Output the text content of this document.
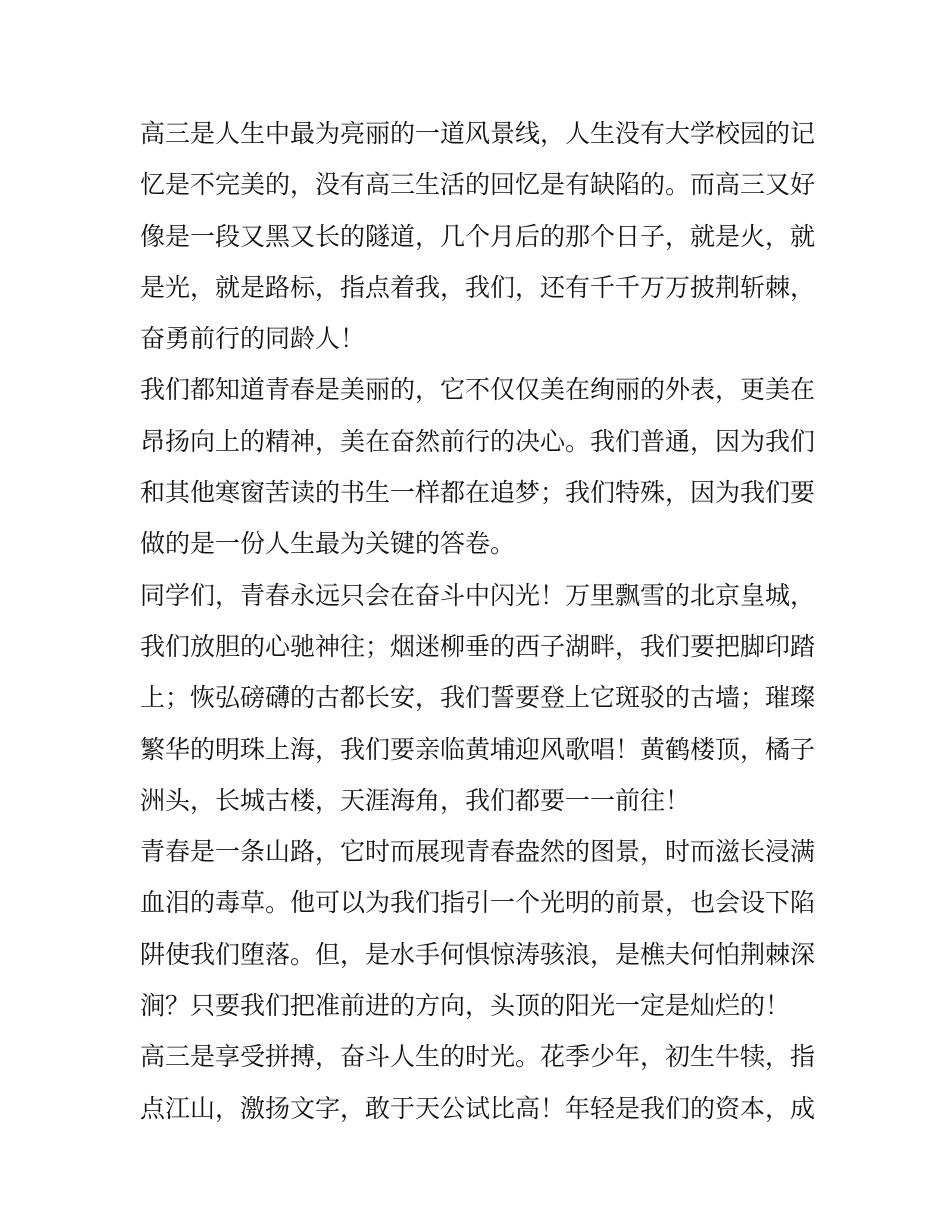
高三是人生中最为亮丽的一道风景线，人生没有大学校园的记
忆是不完美的，没有高三生活的回忆是有缺陷的。而高三又好
像是一段又黑又长的隧道，几个月后的那个日子，就是火，就
是光，就是路标，指点着我，我们，还有千千万万披荆斩棘，
奋勇前行的同龄人！
我们都知道青春是美丽的，它不仅仅美在绚丽的外表，更美在
昂扬向上的精神，美在奋然前行的决心。我们普通，因为我们
和其他寒窗苦读的书生一样都在追梦；我们特殊，因为我们要
做的是一份人生最为关键的答卷。
同学们，青春永远只会在奋斗中闪光！万里飘雪的北京皇城，
我们放胆的心驰神往；烟迷柳垂的西子湖畔，我们要把脚印踏
上；恢弘磅礴的古都长安，我们誓要登上它斑驳的古墙；璀璨
繁华的明珠上海，我们要亲临黄埔迎风歌唱！黄鹤楼顶，橘子
洲头，长城古楼，天涯海角，我们都要一一前往！
青春是一条山路，它时而展现青春盎然的图景，时而滋长浸满
血泪的毒草。他可以为我们指引一个光明的前景，也会设下陷
阱使我们堕落。但，是水手何惧惊涛骇浪，是樵夫何怕荆棘深
涧？只要我们把准前进的方向，头顶的阳光一定是灿烂的！
高三是享受拼搏，奋斗人生的时光。花季少年，初生牛犊，指
点江山，激扬文字，敢于天公试比高！年轻是我们的资本，成
